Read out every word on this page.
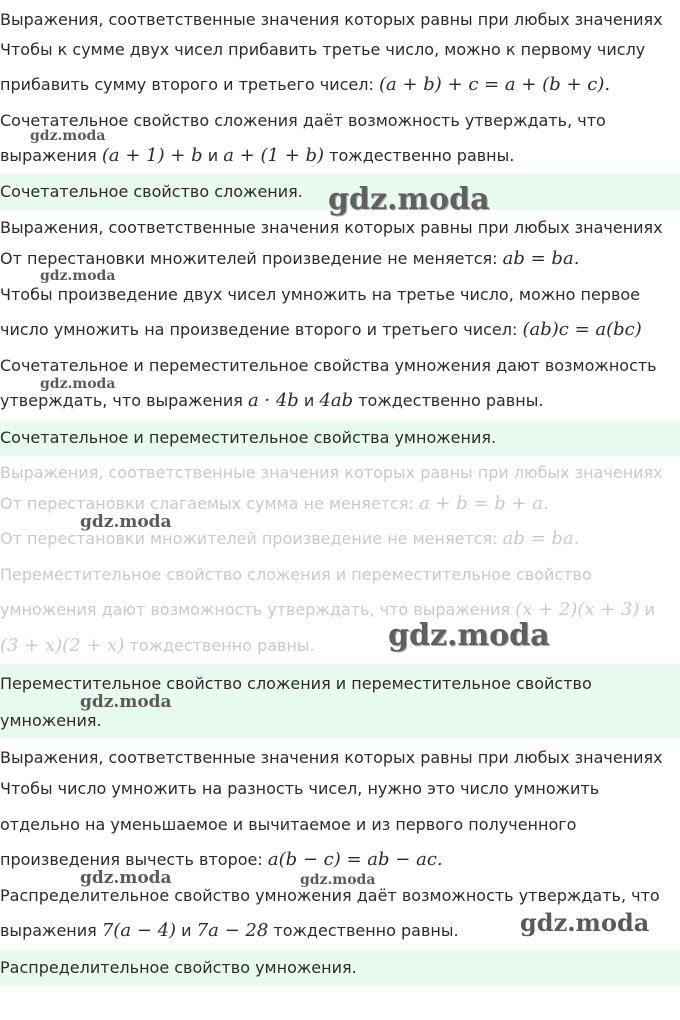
Выражения, соответственные значения которых равны при любых значениях
Чтобы к сумме двух чисел прибавить третье число, можно к первому числу
прибавить сумму второго и третьего чисел: (a + b) + c = a + (b + c).
Сочетательное свойство сложения даёт возможность утверждать, что
выражения (a + 1) + b и a + (1 + b) тождественно равны.
Сочетательное свойство сложения.
Выражения, соответственные значения которых равны при любых значениях
От перестановки множителей произведение не меняется: ab = ba.
Чтобы произведение двух чисел умножить на третье число, можно первое
число умножить на произведение второго и третьего чисел: (ab)c = a(bc)
Сочетательное и переместительное свойства умножения дают возможность
утверждать, что выражения a · 4b и 4ab тождественно равны.
Сочетательное и переместительное свойства умножения.
Выражения, соответственные значения которых равны при любых значениях
От перестановки слагаемых сумма не меняется: a + b = b + a.
От перестановки множителей произведение не меняется: ab = ba.
Переместительное свойство сложения и переместительное свойство
умножения дают возможность утверждать, что выражения (x + 2)(x + 3) и
(3 + x)(2 + x) тождественно равны.
Переместительное свойство сложения и переместительное свойство
умножения.
Выражения, соответственные значения которых равны при любых значениях
Чтобы число умножить на разность чисел, нужно это число умножить
отдельно на уменьшаемое и вычитаемое и из первого полученного
произведения вычесть второе: a(b − c) = ab − ac.
Распределительное свойство умножения даёт возможность утверждать, что
выражения 7(a − 4) и 7a − 28 тождественно равны.
Распределительное свойство умножения.
gdz.moda
gdz.moda
gdz.moda
gdz.moda
gdz.moda
gdz.moda
gdz.moda
gdz.moda	gdz.moda
gdz.moda
